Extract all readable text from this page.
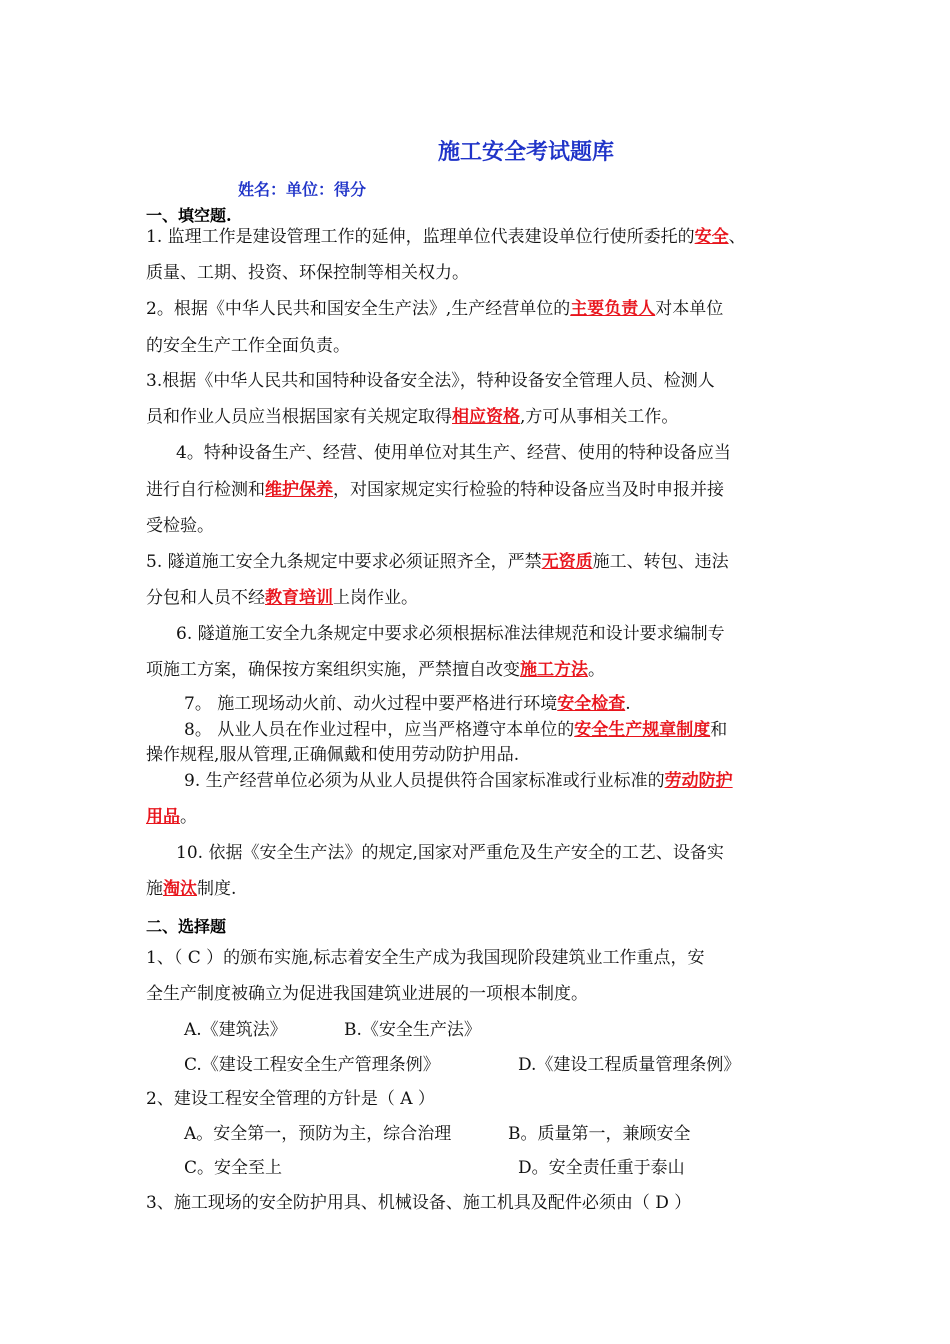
施工安全考试题库
姓名：单位：得分
一、填空题.
1. 监理工作是建设管理工作的延伸，监理单位代表建设单位行使所委托的安全、
质量、工期、投资、环保控制等相关权力。
2。根据《中华人民共和国安全生产法》,生产经营单位的主要负责人对本单位
的安全生产工作全面负责。
3.根据《中华人民共和国特种设备安全法》，特种设备安全管理人员、检测人
员和作业人员应当根据国家有关规定取得相应资格,方可从事相关工作。
4。特种设备生产、经营、使用单位对其生产、经营、使用的特种设备应当
进行自行检测和维护保养，对国家规定实行检验的特种设备应当及时申报并接
受检验。
5. 隧道施工安全九条规定中要求必须证照齐全，严禁无资质施工、转包、违法
分包和人员不经教育培训上岗作业。
6. 隧道施工安全九条规定中要求必须根据标准法律规范和设计要求编制专
项施工方案，确保按方案组织实施，严禁擅自改变施工方法。
7。 施工现场动火前、动火过程中要严格进行环境安全检查.
8。 从业人员在作业过程中，应当严格遵守本单位的安全生产规章制度和
操作规程,服从管理,正确佩戴和使用劳动防护用品.
9. 生产经营单位必须为从业人员提供符合国家标准或行业标准的劳动防护
用品。
10. 依据《安全生产法》的规定,国家对严重危及生产安全的工艺、设备实
施淘汰制度.
二、选择题
1、（ C ）的颁布实施,标志着安全生产成为我国现阶段建筑业工作重点，安
全生产制度被确立为促进我国建筑业进展的一项根本制度。
A.《建筑法》	B.《安全生产法》
C.《建设工程安全生产管理条例》	D.《建设工程质量管理条例》
2、建设工程安全管理的方针是（ A ）
A。安全第一，预防为主，综合治理	B。质量第一，兼顾安全
C。安全至上	D。安全责任重于泰山
3、施工现场的安全防护用具、机械设备、施工机具及配件必须由（ D ）
